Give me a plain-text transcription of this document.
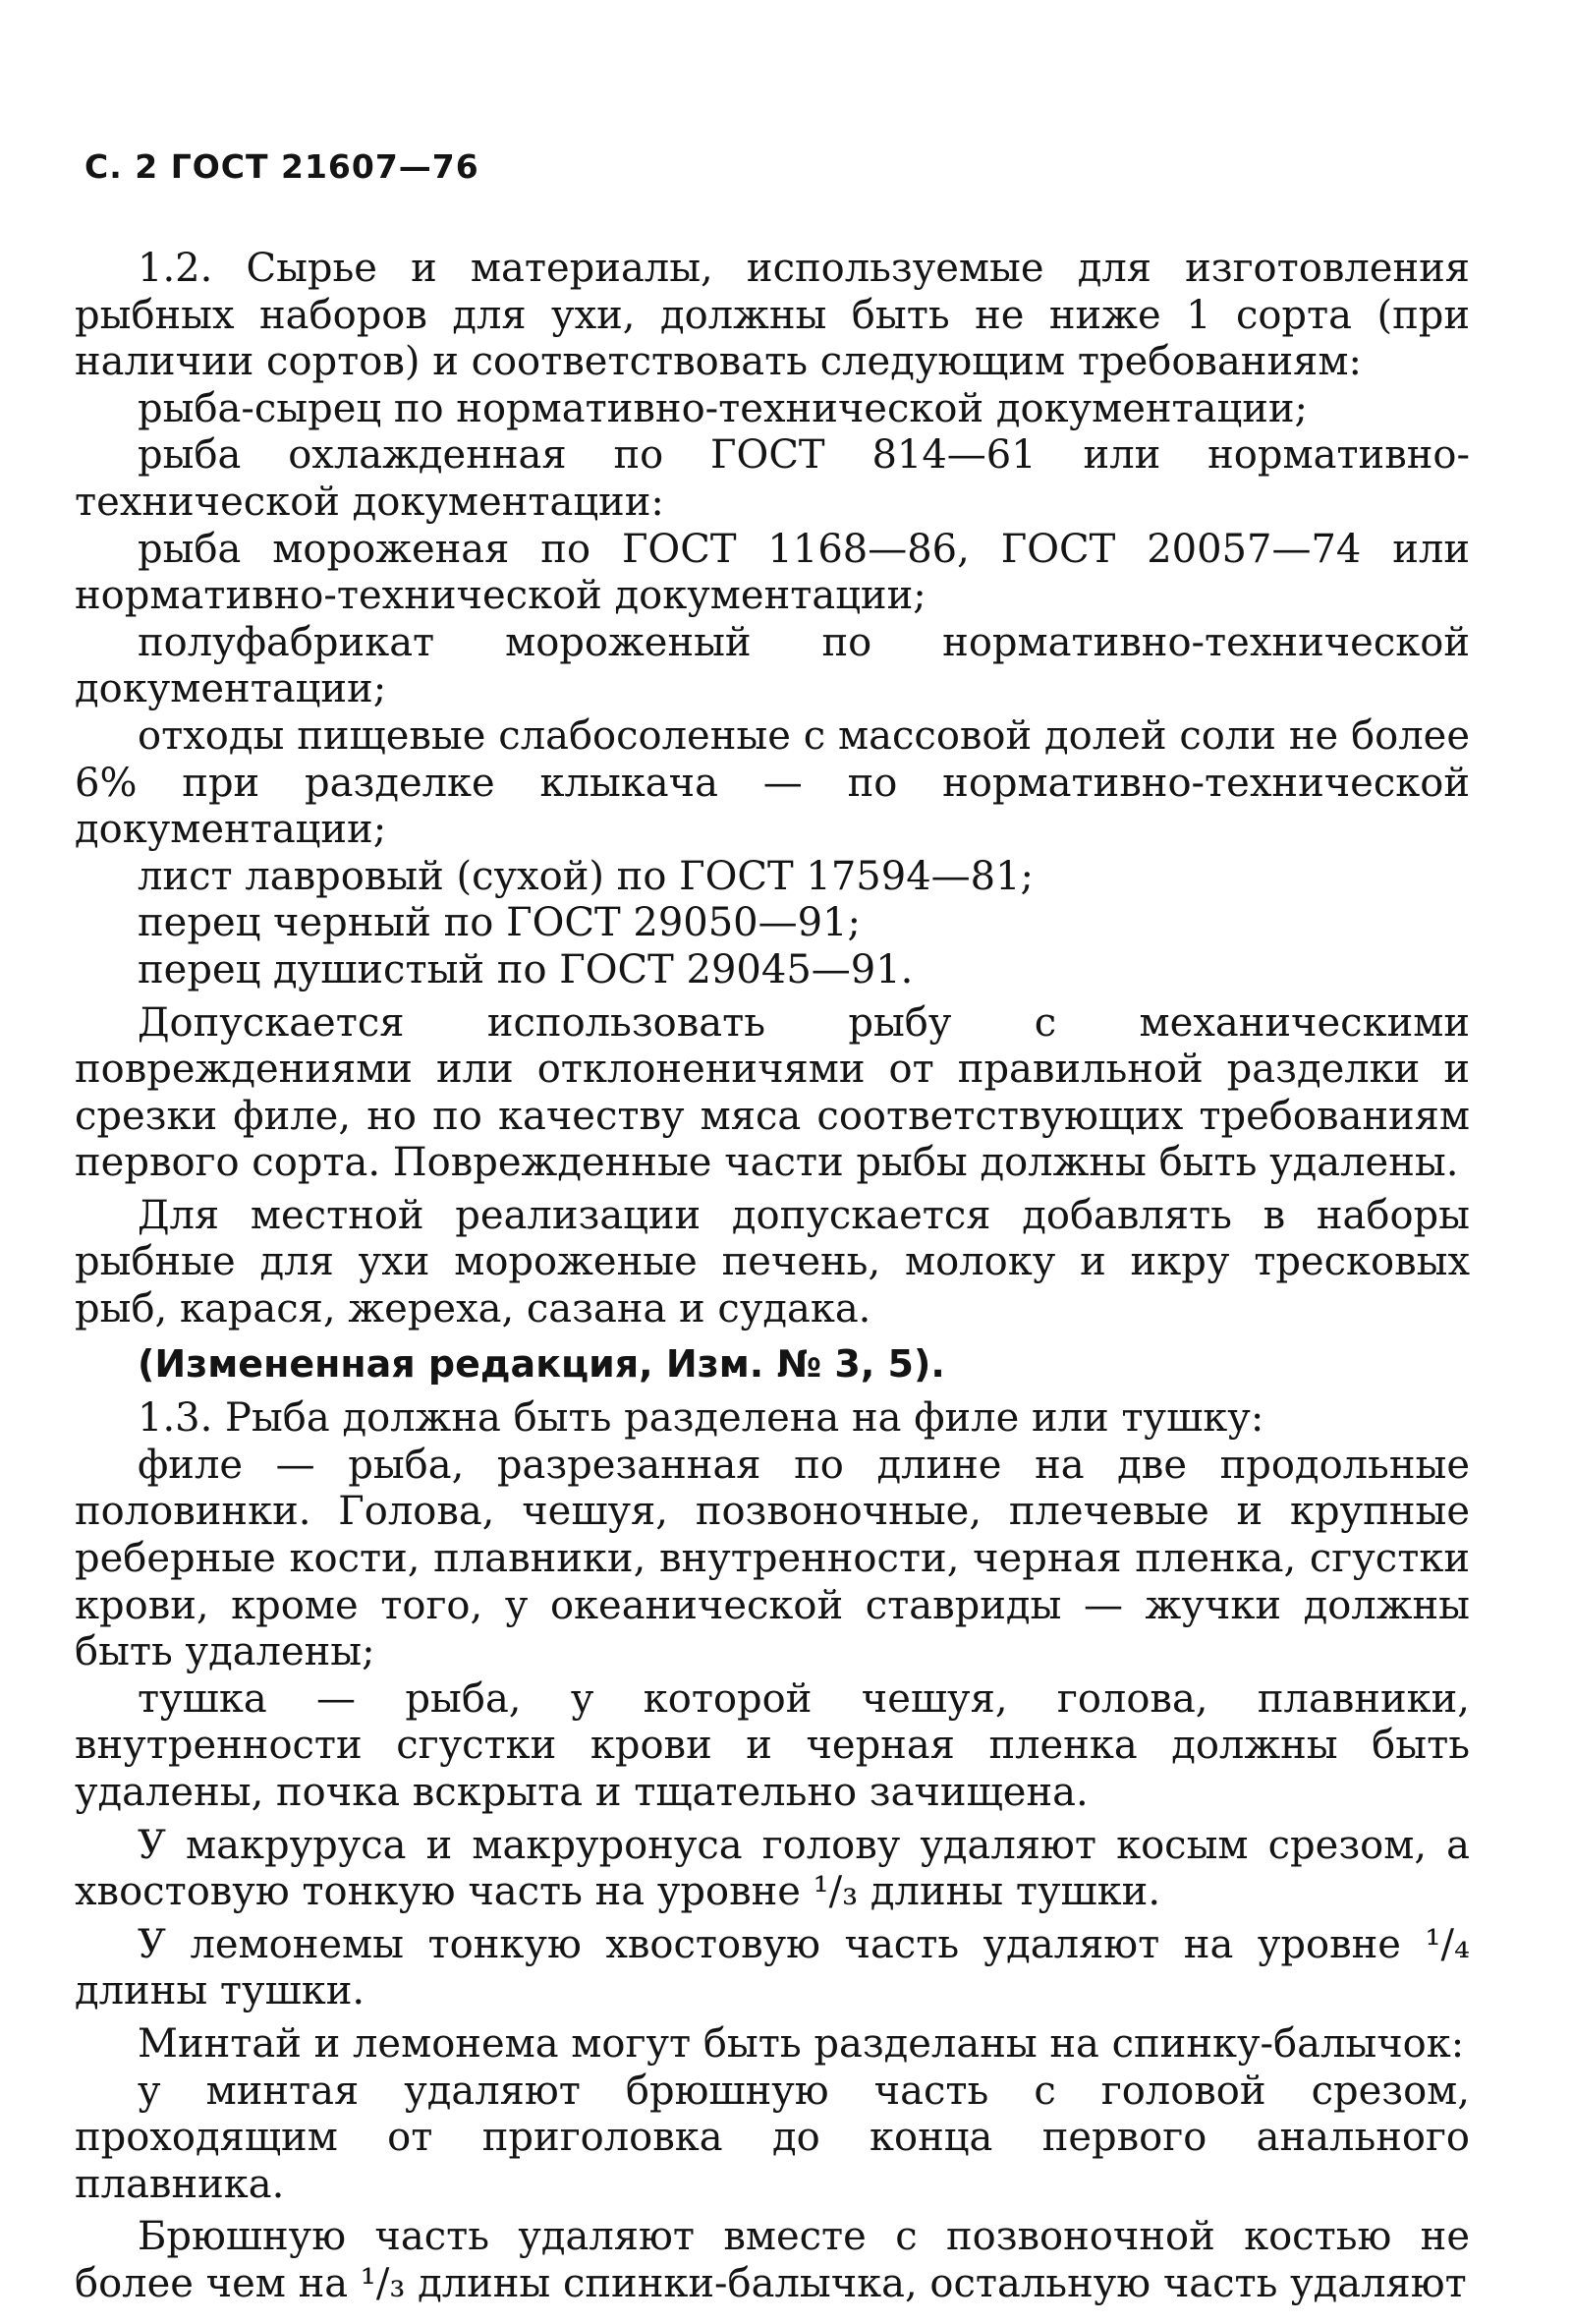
С. 2 ГОСТ 21607—76

1.2. Сырье и материалы, используемые для изготовления рыбных наборов для ухи, должны быть не ниже 1 сорта (при наличии сортов) и соответствовать следующим требованиям:

рыба-сырец по нормативно-технической документации;

рыба охлажденная по ГОСТ 814—61 или нормативно-технической документации:

рыба мороженая по ГОСТ 1168—86, ГОСТ 20057—74 или нормативно-технической документации;

полуфабрикат мороженый по нормативно-технической документации;

отходы пищевые слабосоленые с массовой долей соли не более 6% при разделке клыкача — по нормативно-технической документации;

лист лавровый (сухой) по ГОСТ 17594—81;

перец черный по ГОСТ 29050—91;

перец душистый по ГОСТ 29045—91.

Допускается использовать рыбу с механическими повреждениями или отклоненичями от правильной разделки и срезки филе, но по качеству мяса соответствующих требованиям первого сорта. Поврежденные части рыбы должны быть удалены.

Для местной реализации допускается добавлять в наборы рыбные для ухи мороженые печень, молоку и икру тресковых рыб, карася, жереха, сазана и судака.

(Измененная редакция, Изм. № 3, 5).

1.3. Рыба должна быть разделена на филе или тушку:

филе — рыба, разрезанная по длине на две продольные половинки. Голова, чешуя, позвоночные, плечевые и крупные реберные кости, плавники, внутренности, черная пленка, сгустки крови, кроме того, у океанической ставриды — жучки должны быть удалены;

тушка — рыба, у которой чешуя, голова, плавники, внутренности сгустки крови и черная пленка должны быть удалены, почка вскрыта и тщательно зачищена.

У макруруса и макруронуса голову удаляют косым срезом, а хвостовую тонкую часть на уровне ¹/₃ длины тушки.

У лемонемы тонкую хвостовую часть удаляют на уровне ¹/₄ длины тушки.

Минтай и лемонема могут быть разделаны на спинку-балычок:

у минтая удаляют брюшную часть с головой срезом, проходящим от приголовка до конца первого анального плавника.

Брюшную часть удаляют вместе с позвоночной костью не более чем на ¹/₃ длины спинки-балычка, остальную часть удаляют
